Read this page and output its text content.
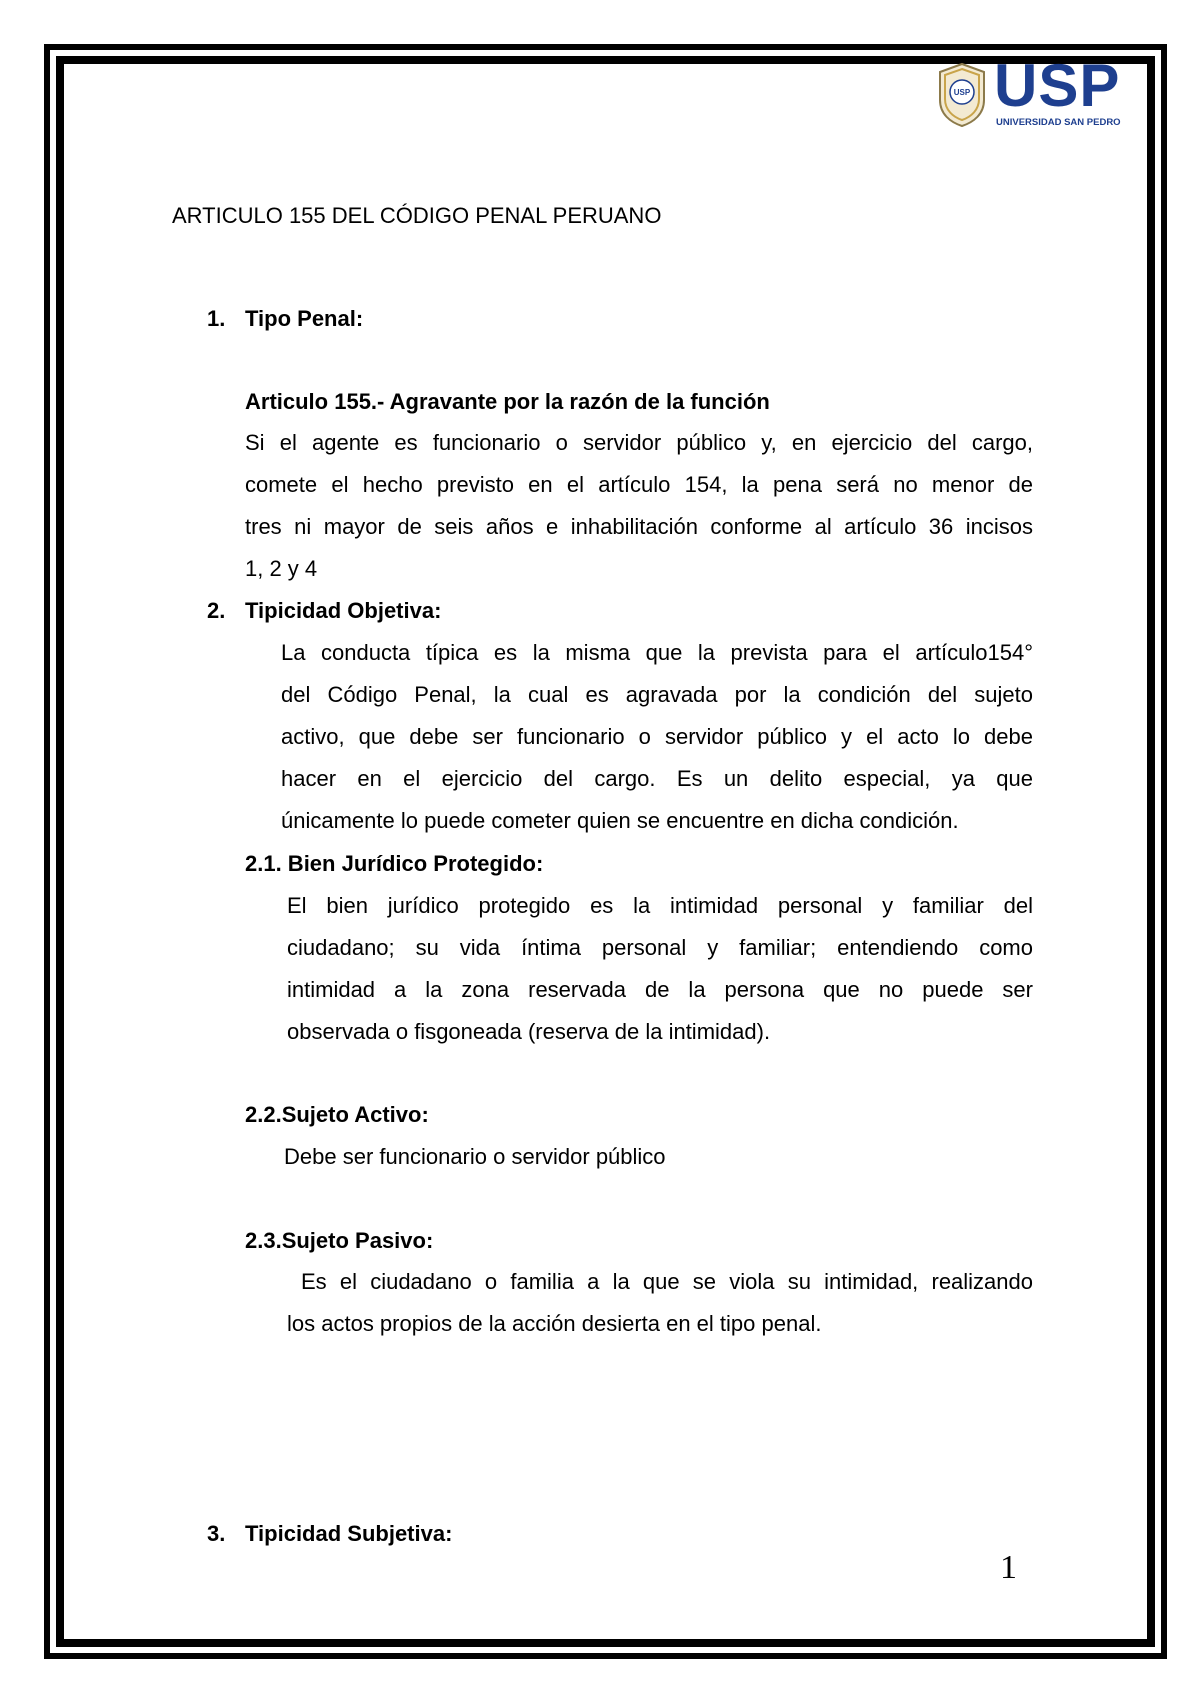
USP USP
UNIVERSIDAD SAN PEDRO
ARTICULO 155 DEL CÓDIGO PENAL PERUANO
1. Tipo Penal:
Articulo 155.- Agravante por la razón de la función
Si el agente es funcionario o servidor público y, en ejercicio del cargo,
comete el hecho previsto en el artículo 154, la pena será no menor de
tres ni mayor de seis años e inhabilitación conforme al artículo 36 incisos
1, 2 y 4
2. Tipicidad Objetiva:
La conducta típica es la misma que la prevista para el artículo154°
del Código Penal, la cual es agravada por la condición del sujeto
activo, que debe ser funcionario o servidor público y el acto lo debe
hacer en el ejercicio del cargo. Es un delito especial, ya que
únicamente lo puede cometer quien se encuentre en dicha condición.
2.1. Bien Jurídico Protegido:
El bien jurídico protegido es la intimidad personal y familiar del
ciudadano; su vida íntima personal y familiar; entendiendo como
intimidad a la zona reservada de la persona que no puede ser
observada o fisgoneada (reserva de la intimidad).
2.2.Sujeto Activo:
Debe ser funcionario o servidor público
2.3.Sujeto Pasivo:
Es el ciudadano o familia a la que se viola su intimidad, realizando
los actos propios de la acción desierta en el tipo penal.
3. Tipicidad Subjetiva:
1
